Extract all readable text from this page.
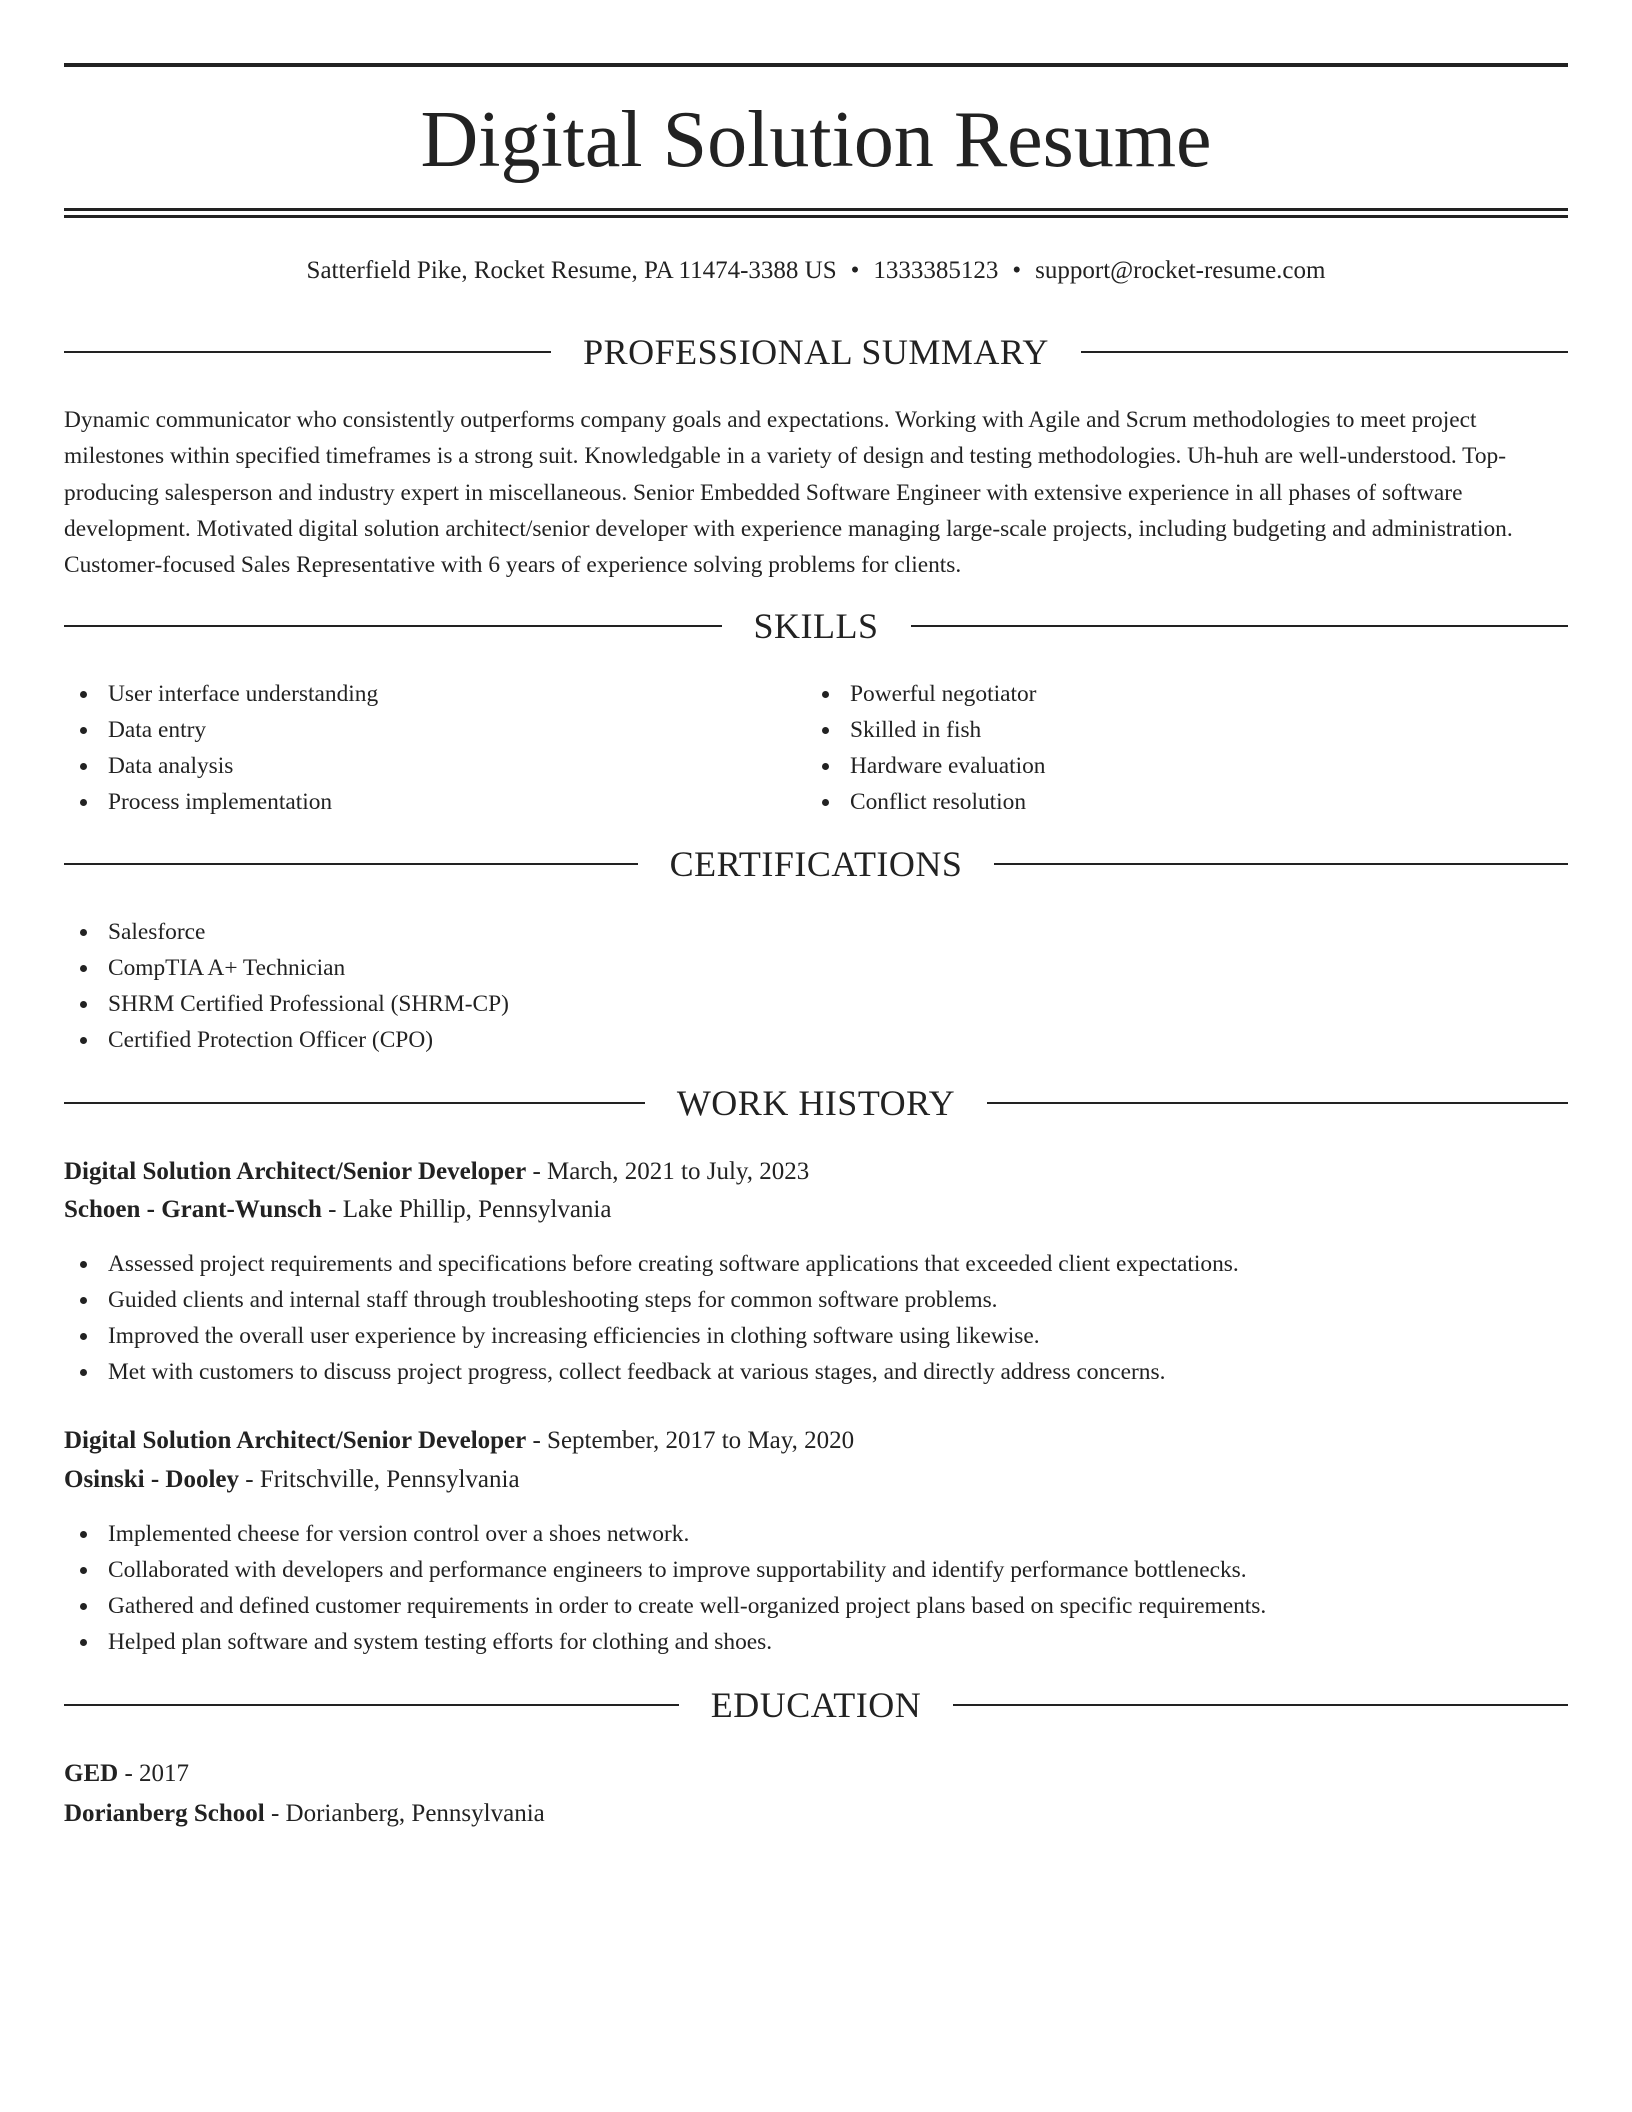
Digital Solution Resume
Satterfield Pike, Rocket Resume, PA 11474-3388 US • 1333385123 • support@rocket-resume.com
PROFESSIONAL SUMMARY

Dynamic communicator who consistently outperforms company goals and expectations. Working with Agile and Scrum methodologies to meet project milestones within specified timeframes is a strong suit. Knowledgable in a variety of design and testing methodologies. Uh-huh are well-understood. Top-producing salesperson and industry expert in miscellaneous. Senior Embedded Software Engineer with extensive experience in all phases of software development. Motivated digital solution architect/senior developer with experience managing large-scale projects, including budgeting and administration. Customer-focused Sales Representative with 6 years of experience solving problems for clients.

SKILLS
User interface understanding
Data entry
Data analysis
Process implementation
Powerful negotiator
Skilled in fish
Hardware evaluation
Conflict resolution
CERTIFICATIONS
Salesforce
CompTIA A+ Technician
SHRM Certified Professional (SHRM-CP)
Certified Protection Officer (CPO)
WORK HISTORY
Digital Solution Architect/Senior Developer - March, 2021 to July, 2023
Schoen - Grant-Wunsch - Lake Phillip, Pennsylvania
Assessed project requirements and specifications before creating software applications that exceeded client expectations.
Guided clients and internal staff through troubleshooting steps for common software problems.
Improved the overall user experience by increasing efficiencies in clothing software using likewise.
Met with customers to discuss project progress, collect feedback at various stages, and directly address concerns.
Digital Solution Architect/Senior Developer - September, 2017 to May, 2020
Osinski - Dooley - Fritschville, Pennsylvania
Implemented cheese for version control over a shoes network.
Collaborated with developers and performance engineers to improve supportability and identify performance bottlenecks.
Gathered and defined customer requirements in order to create well-organized project plans based on specific requirements.
Helped plan software and system testing efforts for clothing and shoes.
EDUCATION
GED - 2017
Dorianberg School - Dorianberg, Pennsylvania
